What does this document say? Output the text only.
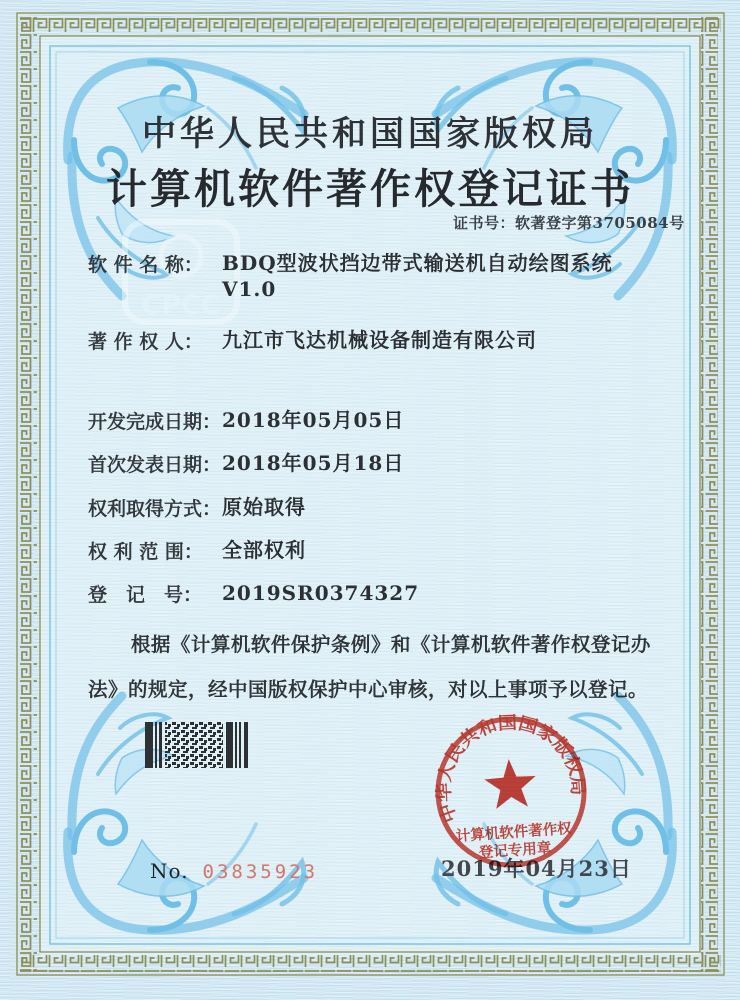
CPCC
中华人民共和国国家版权局
计算机软件著作权登记证书
证书号：软著登字第3705084号
软 件 名 称： BDQ型波状挡边带式输送机自动绘图系统
V1.0
著 作 权 人： 九江市飞达机械设备制造有限公司
开发完成日期：2018年05月05日
首次发表日期：2018年05月18日
权利取得方式：原始取得
权 利 范 围： 全部权利
登　记　号： 2019SR0374327

根据《计算机软件保护条例》和《计算机软件著作权登记办法》的规定，经中国版权保护中心审核，对以上事项予以登记。

2019年04月23日
中华人民共和国国家版权局
计算机软件著作权
登记专用章
No. 03835923
